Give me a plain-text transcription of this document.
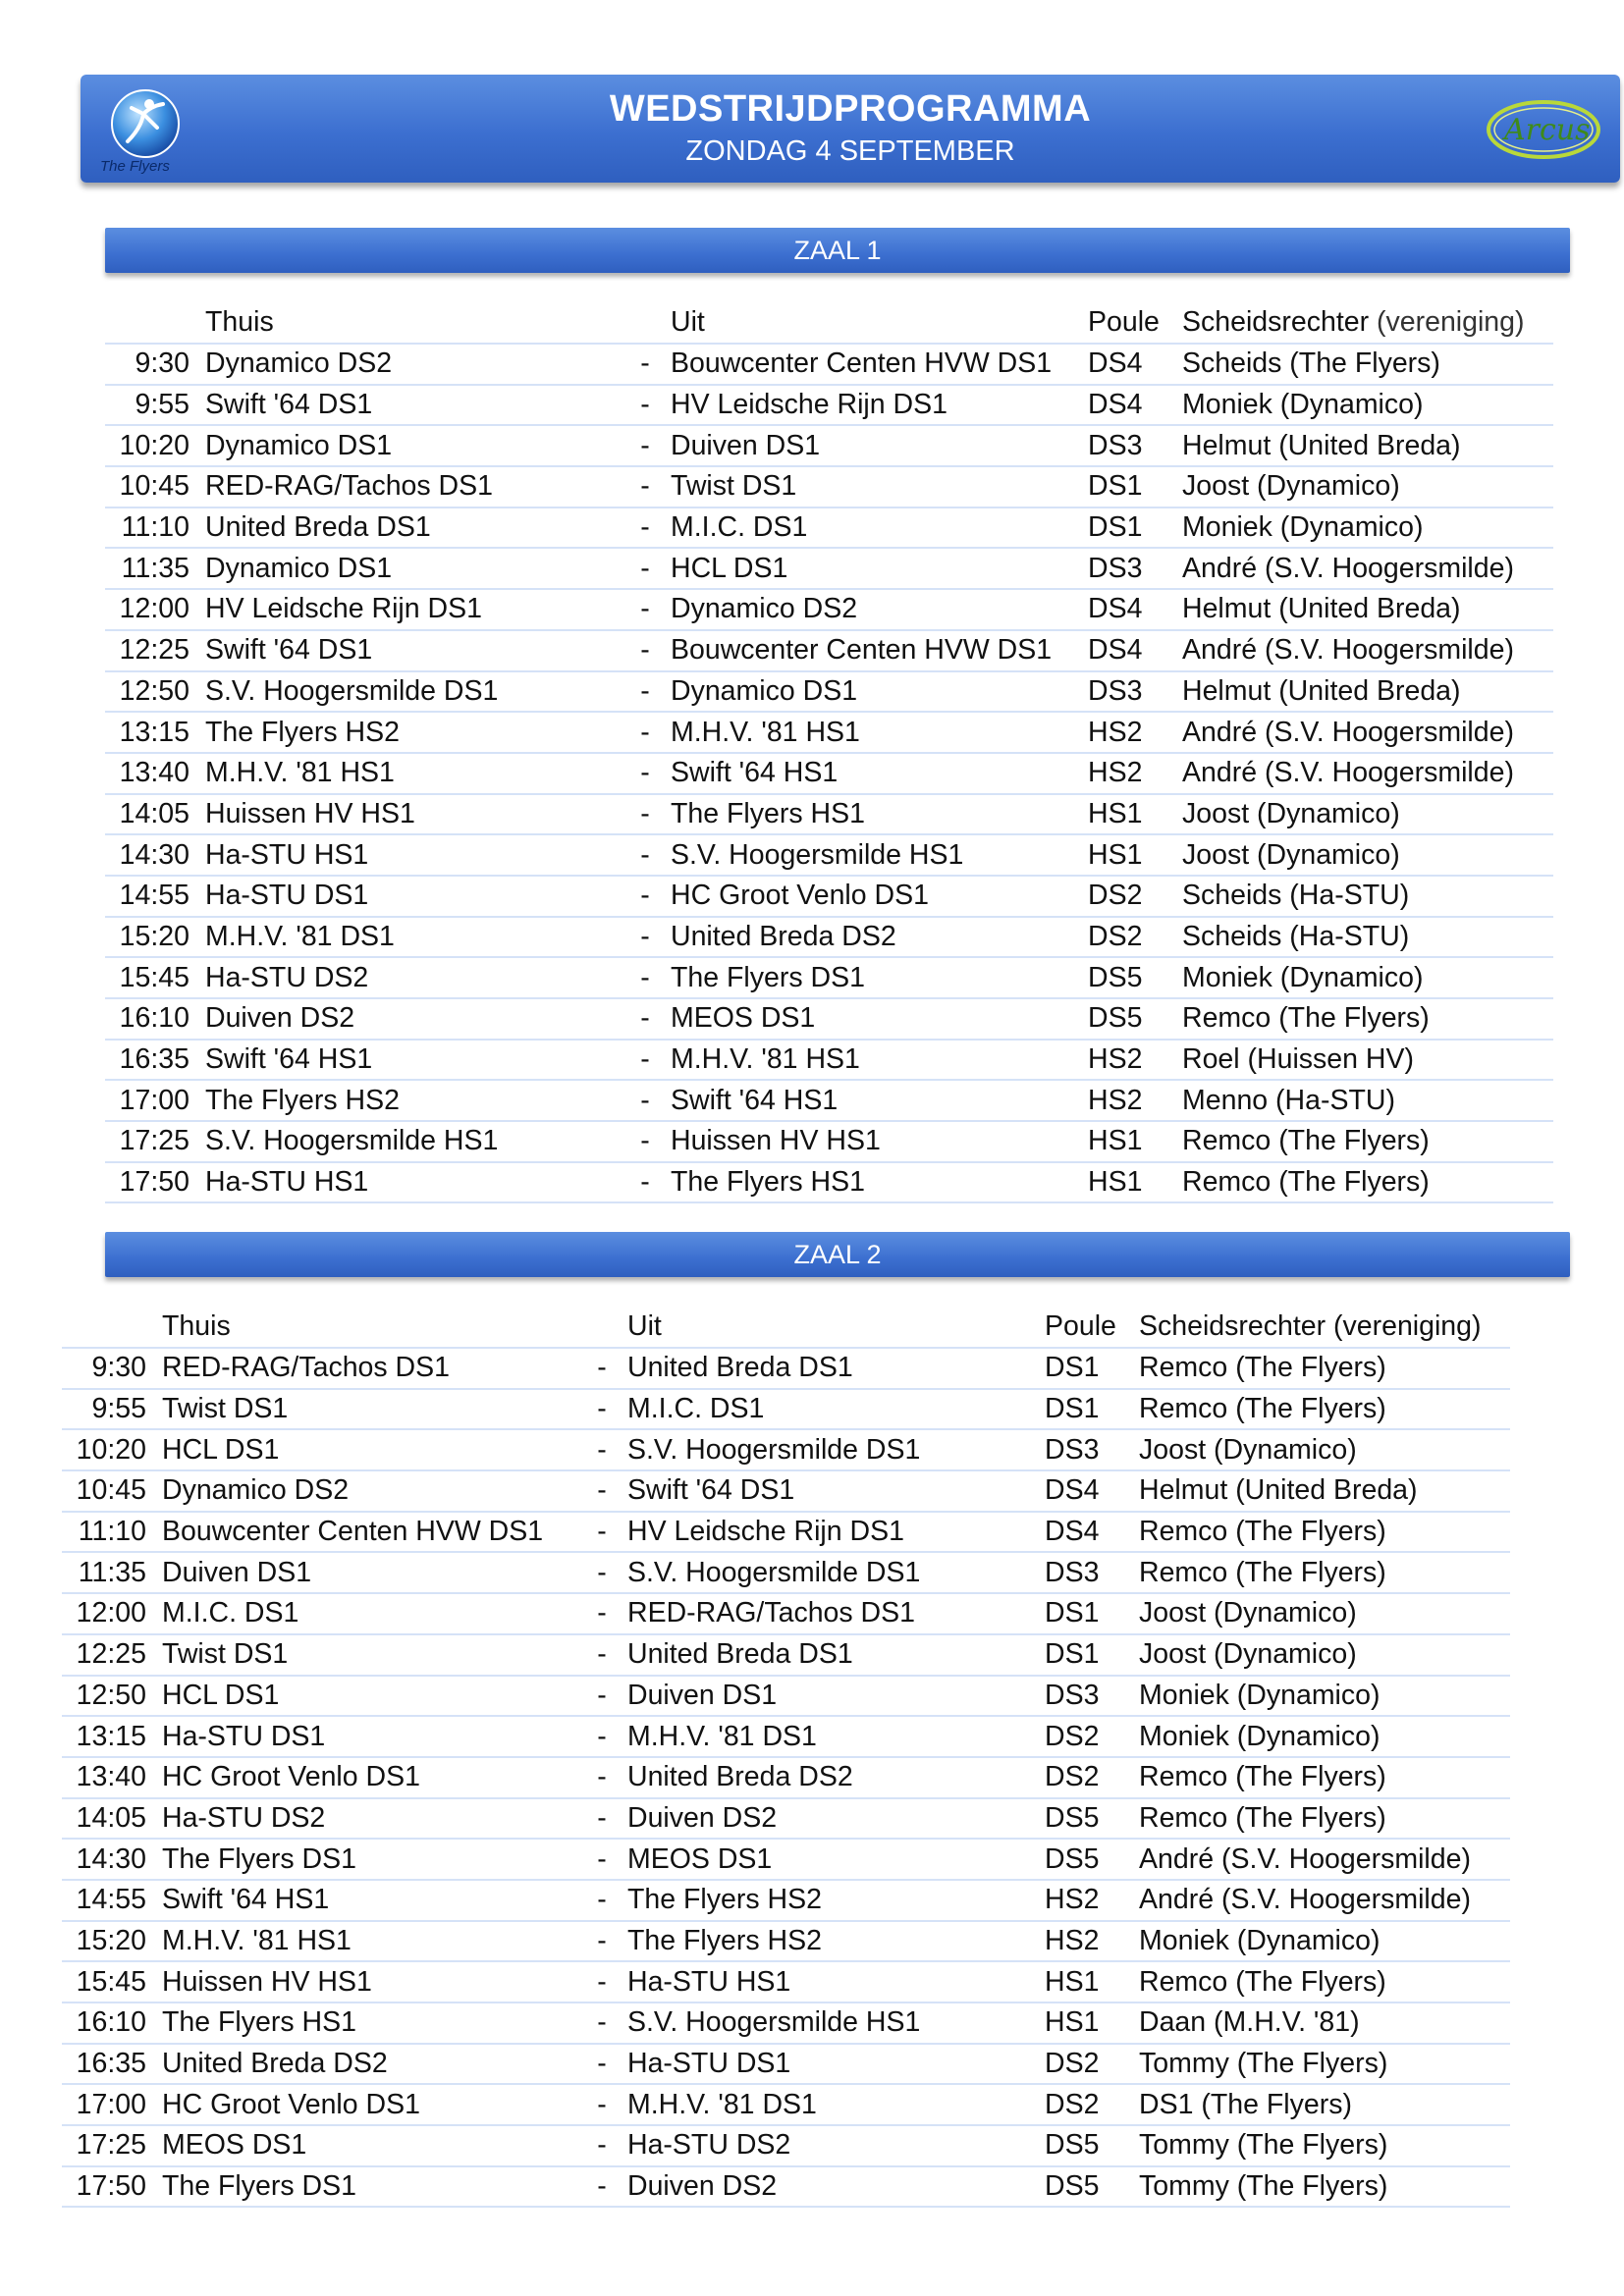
The Flyers
WEDSTRIJDPROGRAMMA
ZONDAG 4 SEPTEMBER
Arcus
ZAAL 1
	Thuis		Uit	Poule	Scheidsrechter (vereniging)
9:30	Dynamico DS2	-	Bouwcenter Centen HVW DS1	DS4	Scheids (The Flyers)
9:55	Swift '64 DS1	-	HV Leidsche Rijn DS1	DS4	Moniek (Dynamico)
10:20	Dynamico DS1	-	Duiven DS1	DS3	Helmut (United Breda)
10:45	RED-RAG/Tachos DS1	-	Twist DS1	DS1	Joost (Dynamico)
11:10	United Breda DS1	-	M.I.C. DS1	DS1	Moniek (Dynamico)
11:35	Dynamico DS1	-	HCL DS1	DS3	André (S.V. Hoogersmilde)
12:00	HV Leidsche Rijn DS1	-	Dynamico DS2	DS4	Helmut (United Breda)
12:25	Swift '64 DS1	-	Bouwcenter Centen HVW DS1	DS4	André (S.V. Hoogersmilde)
12:50	S.V. Hoogersmilde DS1	-	Dynamico DS1	DS3	Helmut (United Breda)
13:15	The Flyers HS2	-	M.H.V. '81 HS1	HS2	André (S.V. Hoogersmilde)
13:40	M.H.V. '81 HS1	-	Swift '64 HS1	HS2	André (S.V. Hoogersmilde)
14:05	Huissen HV HS1	-	The Flyers HS1	HS1	Joost (Dynamico)
14:30	Ha-STU HS1	-	S.V. Hoogersmilde HS1	HS1	Joost (Dynamico)
14:55	Ha-STU DS1	-	HC Groot Venlo DS1	DS2	Scheids (Ha-STU)
15:20	M.H.V. '81 DS1	-	United Breda DS2	DS2	Scheids (Ha-STU)
15:45	Ha-STU DS2	-	The Flyers DS1	DS5	Moniek (Dynamico)
16:10	Duiven DS2	-	MEOS DS1	DS5	Remco (The Flyers)
16:35	Swift '64 HS1	-	M.H.V. '81 HS1	HS2	Roel (Huissen HV)
17:00	The Flyers HS2	-	Swift '64 HS1	HS2	Menno (Ha-STU)
17:25	S.V. Hoogersmilde HS1	-	Huissen HV HS1	HS1	Remco (The Flyers)
17:50	Ha-STU HS1	-	The Flyers HS1	HS1	Remco (The Flyers)
ZAAL 2
	Thuis		Uit	Poule	Scheidsrechter (vereniging)
9:30	RED-RAG/Tachos DS1	-	United Breda DS1	DS1	Remco (The Flyers)
9:55	Twist DS1	-	M.I.C. DS1	DS1	Remco (The Flyers)
10:20	HCL DS1	-	S.V. Hoogersmilde DS1	DS3	Joost (Dynamico)
10:45	Dynamico DS2	-	Swift '64 DS1	DS4	Helmut (United Breda)
11:10	Bouwcenter Centen HVW DS1	-	HV Leidsche Rijn DS1	DS4	Remco (The Flyers)
11:35	Duiven DS1	-	S.V. Hoogersmilde DS1	DS3	Remco (The Flyers)
12:00	M.I.C. DS1	-	RED-RAG/Tachos DS1	DS1	Joost (Dynamico)
12:25	Twist DS1	-	United Breda DS1	DS1	Joost (Dynamico)
12:50	HCL DS1	-	Duiven DS1	DS3	Moniek (Dynamico)
13:15	Ha-STU DS1	-	M.H.V. '81 DS1	DS2	Moniek (Dynamico)
13:40	HC Groot Venlo DS1	-	United Breda DS2	DS2	Remco (The Flyers)
14:05	Ha-STU DS2	-	Duiven DS2	DS5	Remco (The Flyers)
14:30	The Flyers DS1	-	MEOS DS1	DS5	André (S.V. Hoogersmilde)
14:55	Swift '64 HS1	-	The Flyers HS2	HS2	André (S.V. Hoogersmilde)
15:20	M.H.V. '81 HS1	-	The Flyers HS2	HS2	Moniek (Dynamico)
15:45	Huissen HV HS1	-	Ha-STU HS1	HS1	Remco (The Flyers)
16:10	The Flyers HS1	-	S.V. Hoogersmilde HS1	HS1	Daan (M.H.V. '81)
16:35	United Breda DS2	-	Ha-STU DS1	DS2	Tommy (The Flyers)
17:00	HC Groot Venlo DS1	-	M.H.V. '81 DS1	DS2	DS1 (The Flyers)
17:25	MEOS DS1	-	Ha-STU DS2	DS5	Tommy (The Flyers)
17:50	The Flyers DS1	-	Duiven DS2	DS5	Tommy (The Flyers)
